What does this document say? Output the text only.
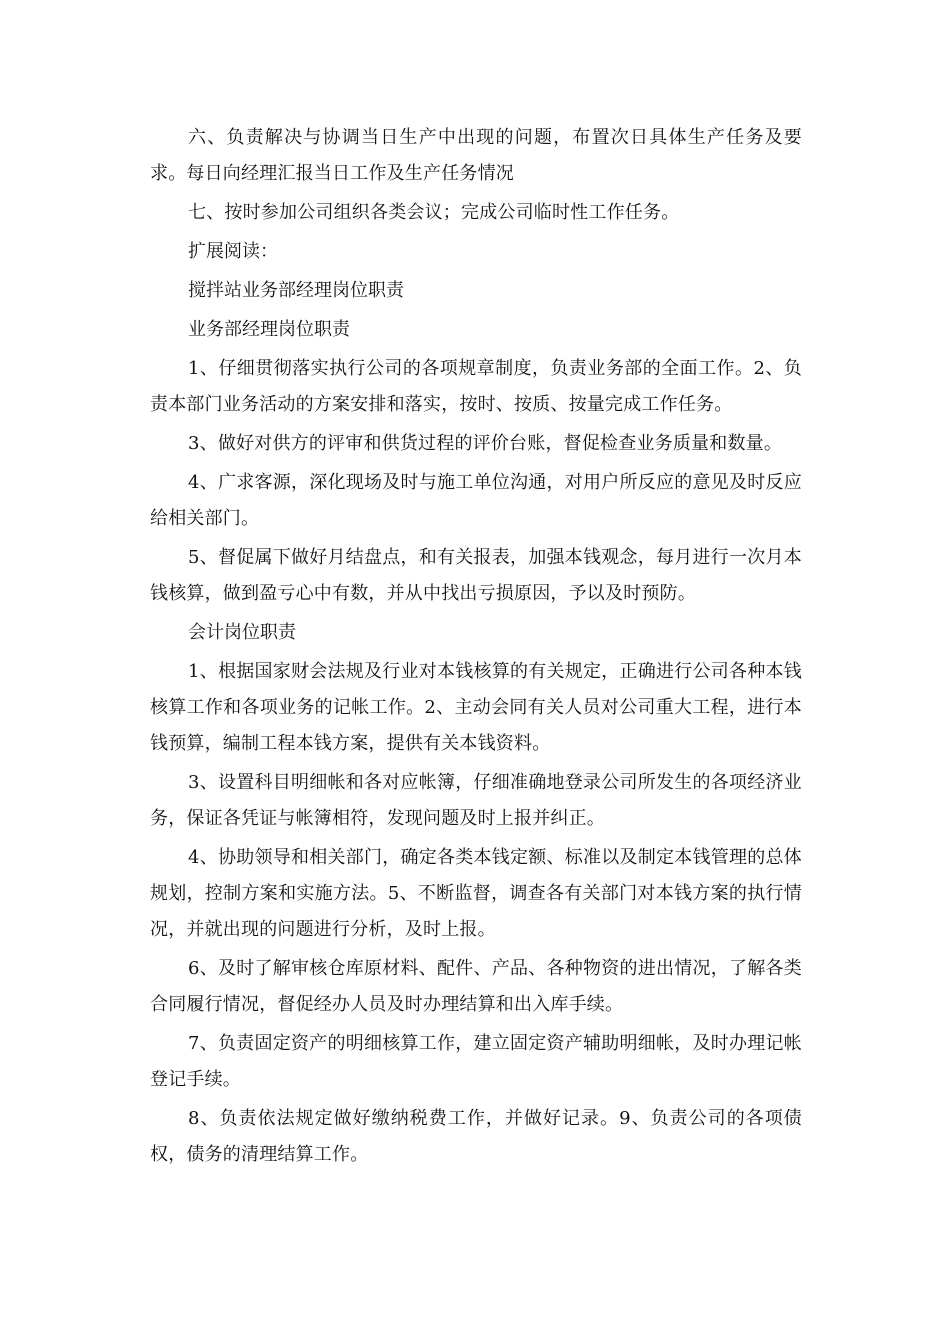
六、负责解决与协调当日生产中出现的问题，布置次日具体生产任务及要求。每日向经理汇报当日工作及生产任务情况

七、按时参加公司组织各类会议；完成公司临时性工作任务。

扩展阅读：

搅拌站业务部经理岗位职责

业务部经理岗位职责

1、仔细贯彻落实执行公司的各项规章制度，负责业务部的全面工作。2、负责本部门业务活动的方案安排和落实，按时、按质、按量完成工作任务。

3、做好对供方的评审和供货过程的评价台账，督促检查业务质量和数量。

4、广求客源，深化现场及时与施工单位沟通，对用户所反应的意见及时反应给相关部门。

5、督促属下做好月结盘点，和有关报表，加强本钱观念，每月进行一次月本钱核算，做到盈亏心中有数，并从中找出亏损原因，予以及时预防。

会计岗位职责

1、根据国家财会法规及行业对本钱核算的有关规定，正确进行公司各种本钱核算工作和各项业务的记帐工作。2、主动会同有关人员对公司重大工程，进行本钱预算，编制工程本钱方案，提供有关本钱资料。

3、设置科目明细帐和各对应帐簿，仔细准确地登录公司所发生的各项经济业务，保证各凭证与帐簿相符，发现问题及时上报并纠正。

4、协助领导和相关部门，确定各类本钱定额、标准以及制定本钱管理的总体规划，控制方案和实施方法。5、不断监督，调查各有关部门对本钱方案的执行情况，并就出现的问题进行分析，及时上报。

6、及时了解审核仓库原材料、配件、产品、各种物资的进出情况，了解各类合同履行情况，督促经办人员及时办理结算和出入库手续。

7、负责固定资产的明细核算工作，建立固定资产辅助明细帐，及时办理记帐登记手续。

8、负责依法规定做好缴纳税费工作，并做好记录。9、负责公司的各项债权，债务的清理结算工作。
